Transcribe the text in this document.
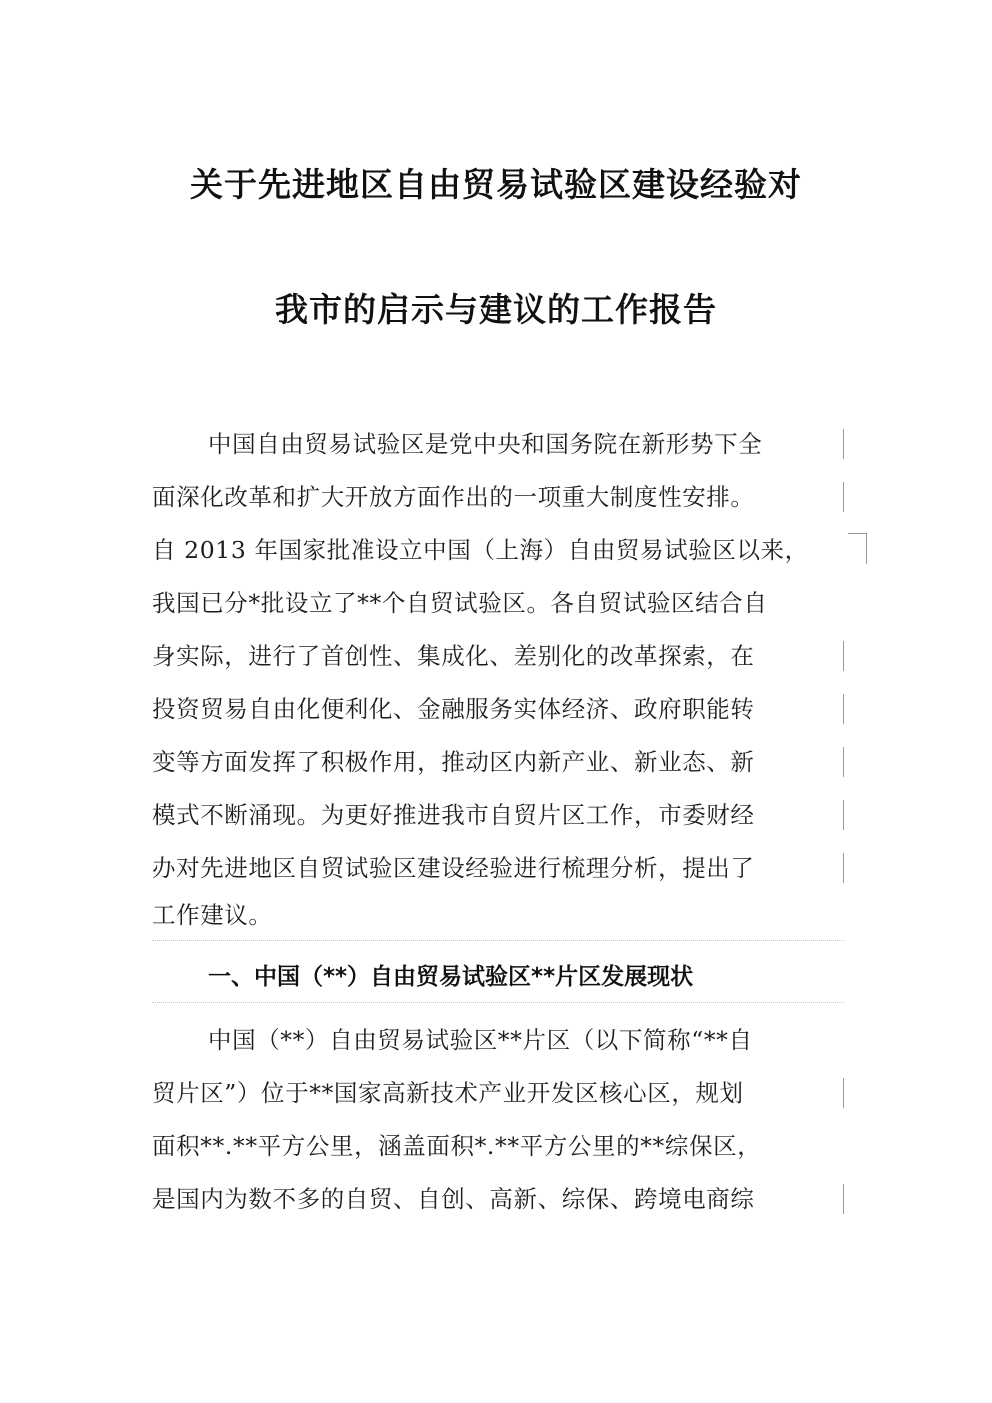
关于先进地区自由贸易试验区建设经验对
我市的启示与建议的工作报告
中国自由贸易试验区是党中央和国务院在新形势下全
面深化改革和扩大开放方面作出的一项重大制度性安排。
自 2013 年国家批准设立中国（上海）自由贸易试验区以来，
我国已分*批设立了**个自贸试验区。各自贸试验区结合自
身实际，进行了首创性、集成化、差别化的改革探索，在
投资贸易自由化便利化、金融服务实体经济、政府职能转
变等方面发挥了积极作用，推动区内新产业、新业态、新
模式不断涌现。为更好推进我市自贸片区工作，市委财经
办对先进地区自贸试验区建设经验进行梳理分析，提出了
工作建议。
一、中国（**）自由贸易试验区**片区发展现状
中国（**）自由贸易试验区**片区（以下简称“**自
贸片区”）位于**国家高新技术产业开发区核心区，规划
面积**.**平方公里，涵盖面积*.**平方公里的**综保区，
是国内为数不多的自贸、自创、高新、综保、跨境电商综
